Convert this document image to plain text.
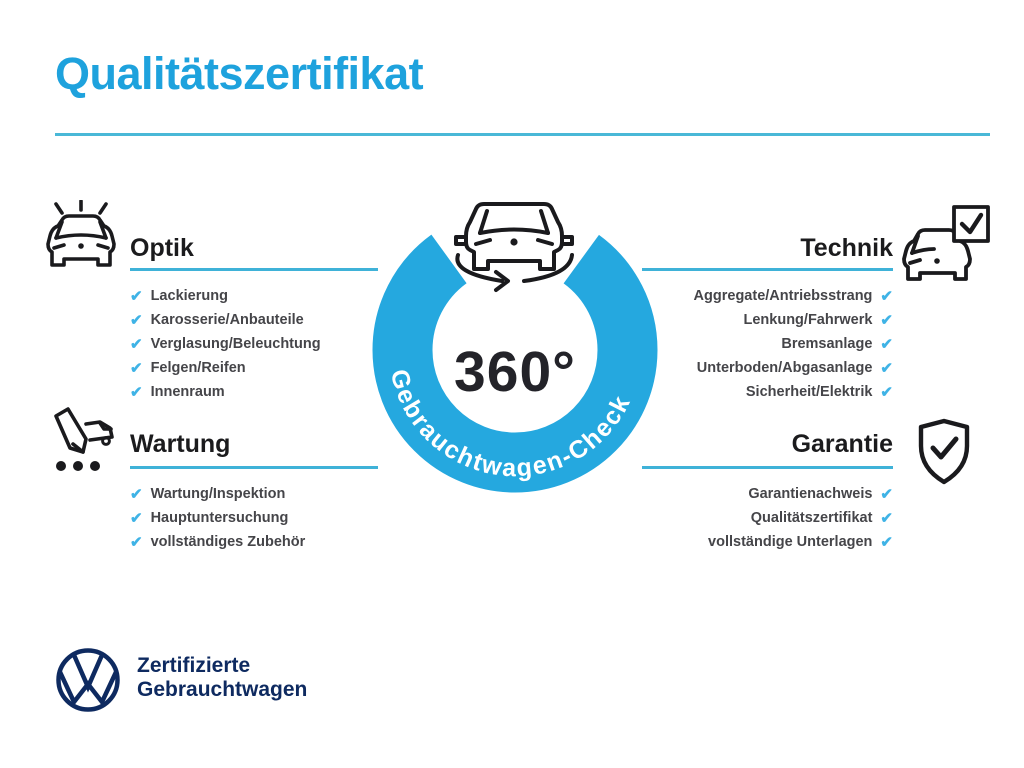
Qualitätszertifikat
Optik
✔ Lackierung
✔ Karosserie/Anbauteile
✔ Verglasung/Beleuchtung
✔ Felgen/Reifen
✔ Innenraum
Technik
Aggregate/Antriebsstrang ✔
Lenkung/Fahrwerk ✔
Bremsanlage ✔
Unterboden/Abgasanlage ✔
Sicherheit/Elektrik ✔
Wartung
✔ Wartung/Inspektion
✔ Hauptuntersuchung
✔ vollständiges Zubehör
Garantie
Garantienachweis ✔
Qualitätszertifikat ✔
vollständige Unterlagen ✔
Gebrauchtwagen-Check
360°
Zertifizierte
Gebrauchtwagen
